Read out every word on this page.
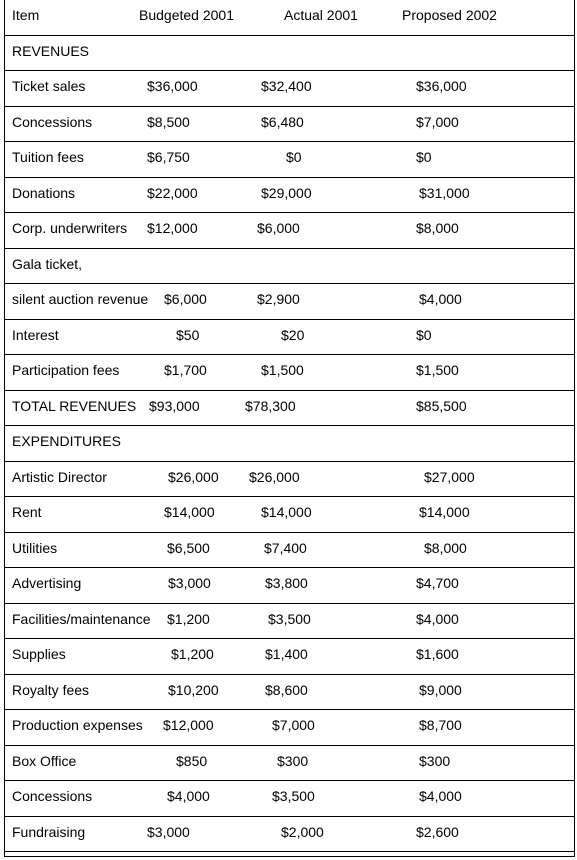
Item	Budgeted 2001	Actual 2001	Proposed 2002
REVENUES
Ticket sales	$36,000	$32,400	$36,000
Concessions	$8,500	$6,480	$7,000
Tuition fees	$6,750	$0	$0
Donations	$22,000	$29,000	$31,000
Corp. underwriters $12,000	$6,000	$8,000
Gala ticket,
silent auction revenue $6,000	$2,900	$4,000
Interest	$50	$20	$0
Participation fees	$1,700	$1,500	$1,500
TOTAL REVENUES $93,000	$78,300	$85,500
EXPENDITURES
Artistic Director	$26,000 $26,000	$27,000
Rent	$14,000	$14,000	$14,000
Utilities	$6,500	$7,400	$8,000
Advertising	$3,000	$3,800	$4,700
Facilities/maintenance $1,200	$3,500	$4,000
Supplies	$1,200	$1,400	$1,600
Royalty fees	$10,200	$8,600	$9,000
Production expenses $12,000	$7,000	$8,700
Box Office	$850	$300	$300
Concessions	$4,000	$3,500	$4,000
Fundraising	$3,000	$2,000	$2,600
